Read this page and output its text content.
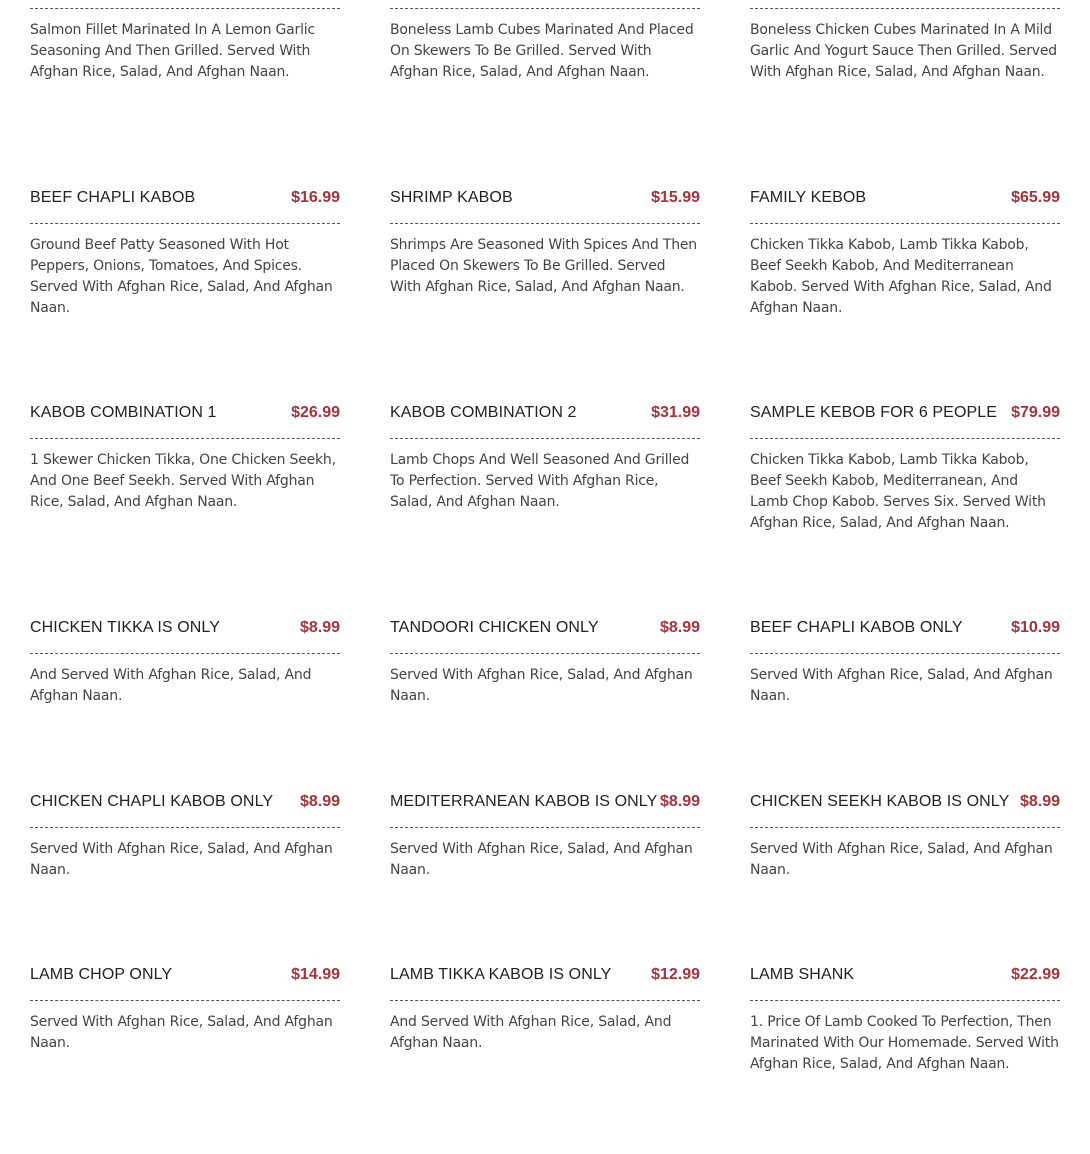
Salmon Fillet Marinated In A Lemon Garlic Seasoning And Then Grilled. Served With Afghan Rice, Salad, And Afghan Naan.
Boneless Lamb Cubes Marinated And Placed On Skewers To Be Grilled. Served With Afghan Rice, Salad, And Afghan Naan.
Boneless Chicken Cubes Marinated In A Mild Garlic And Yogurt Sauce Then Grilled. Served With Afghan Rice, Salad, And Afghan Naan.
BEEF CHAPLI KABOB	$16.99
Ground Beef Patty Seasoned With Hot Peppers, Onions, Tomatoes, And Spices. Served With Afghan Rice, Salad, And Afghan Naan.
SHRIMP KABOB	$15.99
Shrimps Are Seasoned With Spices And Then Placed On Skewers To Be Grilled. Served With Afghan Rice, Salad, And Afghan Naan.
FAMILY KEBOB	$65.99
Chicken Tikka Kabob, Lamb Tikka Kabob, Beef Seekh Kabob, And Mediterranean Kabob. Served With Afghan Rice, Salad, And Afghan Naan.
KABOB COMBINATION 1	$26.99
1 Skewer Chicken Tikka, One Chicken Seekh, And One Beef Seekh. Served With Afghan Rice, Salad, And Afghan Naan.
KABOB COMBINATION 2	$31.99
Lamb Chops And Well Seasoned And Grilled To Perfection. Served With Afghan Rice, Salad, And Afghan Naan.
SAMPLE KEBOB FOR 6 PEOPLE $79.99
Chicken Tikka Kabob, Lamb Tikka Kabob, Beef Seekh Kabob, Mediterranean, And Lamb Chop Kabob. Serves Six. Served With Afghan Rice, Salad, And Afghan Naan.
CHICKEN TIKKA IS ONLY	$8.99
And Served With Afghan Rice, Salad, And Afghan Naan.
TANDOORI CHICKEN ONLY	$8.99
Served With Afghan Rice, Salad, And Afghan Naan.
BEEF CHAPLI KABOB ONLY	$10.99
Served With Afghan Rice, Salad, And Afghan Naan.
CHICKEN CHAPLI KABOB ONLY $8.99
Served With Afghan Rice, Salad, And Afghan Naan.
MEDITERRANEAN KABOB IS ONLY $8.99
Served With Afghan Rice, Salad, And Afghan Naan.
CHICKEN SEEKH KABOB IS ONLY $8.99
Served With Afghan Rice, Salad, And Afghan Naan.
LAMB CHOP ONLY	$14.99
Served With Afghan Rice, Salad, And Afghan Naan.
LAMB TIKKA KABOB IS ONLY $12.99
And Served With Afghan Rice, Salad, And Afghan Naan.
LAMB SHANK	$22.99
1. Price Of Lamb Cooked To Perfection, Then Marinated With Our Homemade. Served With Afghan Rice, Salad, And Afghan Naan.
